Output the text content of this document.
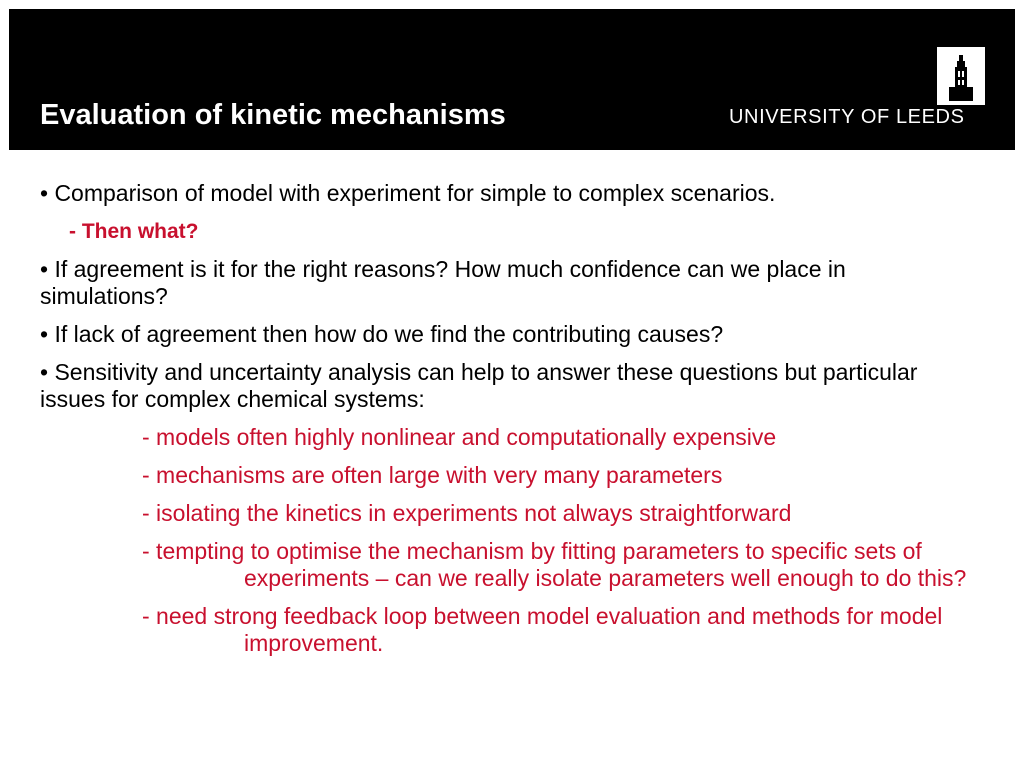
Evaluation of kinetic mechanisms	UNIVERSITY OF LEEDS

• Comparison of model with experiment for simple to complex scenarios.

- Then what?

• If agreement is it for the right reasons? How much confidence can we place in simulations?

• If lack of agreement then how do we find the contributing causes?

• Sensitivity and uncertainty analysis can help to answer these questions but particular issues for complex chemical systems:

- models often highly nonlinear and computationally expensive

- mechanisms are often large with very many parameters

- isolating the kinetics in experiments not always straightforward

- tempting to optimise the mechanism by fitting parameters to specific sets of experiments – can we really isolate parameters well enough to do this?

- need strong feedback loop between model evaluation and methods for model improvement.
